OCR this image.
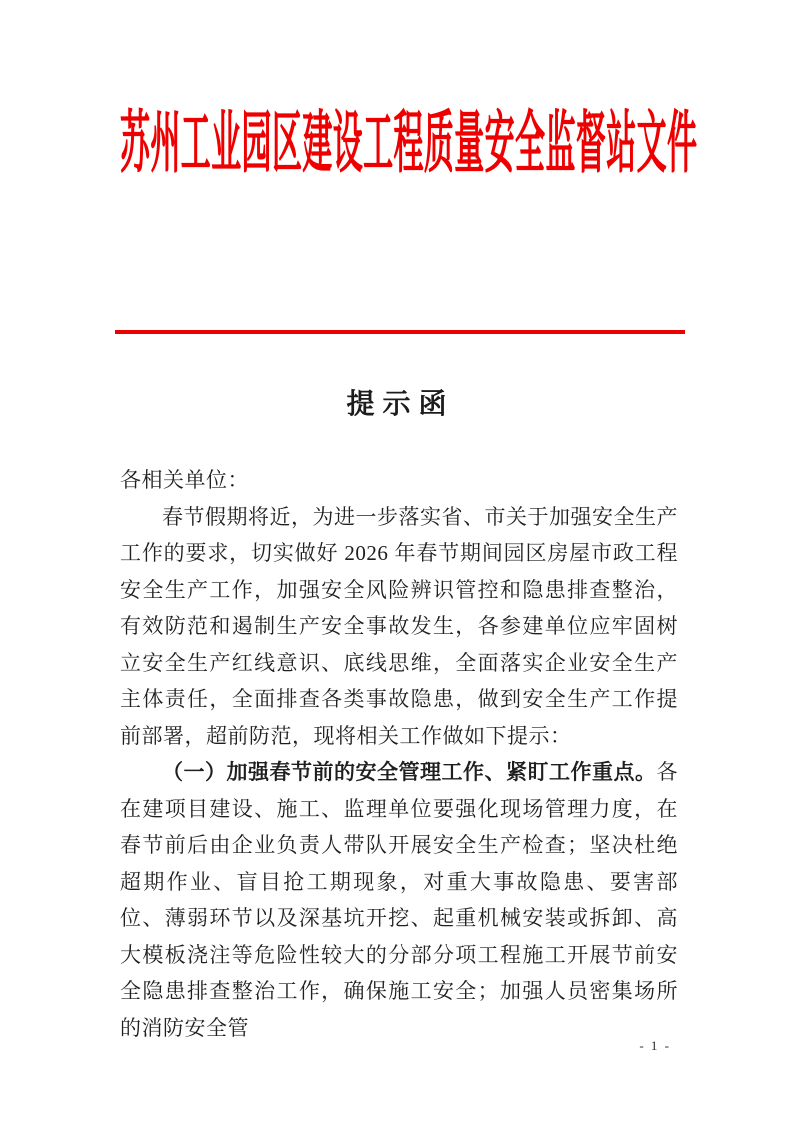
苏州工业园区建设工程质量安全监督站文件
提示函

各相关单位：

春节假期将近，为进一步落实省、市关于加强安全生产工作的要求，切实做好 2026 年春节期间园区房屋市政工程安全生产工作，加强安全风险辨识管控和隐患排查整治，有效防范和遏制生产安全事故发生，各参建单位应牢固树立安全生产红线意识、底线思维，全面落实企业安全生产主体责任，全面排查各类事故隐患，做到安全生产工作提前部署，超前防范，现将相关工作做如下提示：

（一）加强春节前的安全管理工作、紧盯工作重点。各在建项目建设、施工、监理单位要强化现场管理力度，在春节前后由企业负责人带队开展安全生产检查；坚决杜绝超期作业、盲目抢工期现象，对重大事故隐患、要害部位、薄弱环节以及深基坑开挖、起重机械安装或拆卸、高大模板浇注等危险性较大的分部分项工程施工开展节前安全隐患排查整治工作，确保施工安全；加强人员密集场所的消防安全管

- 1 -
